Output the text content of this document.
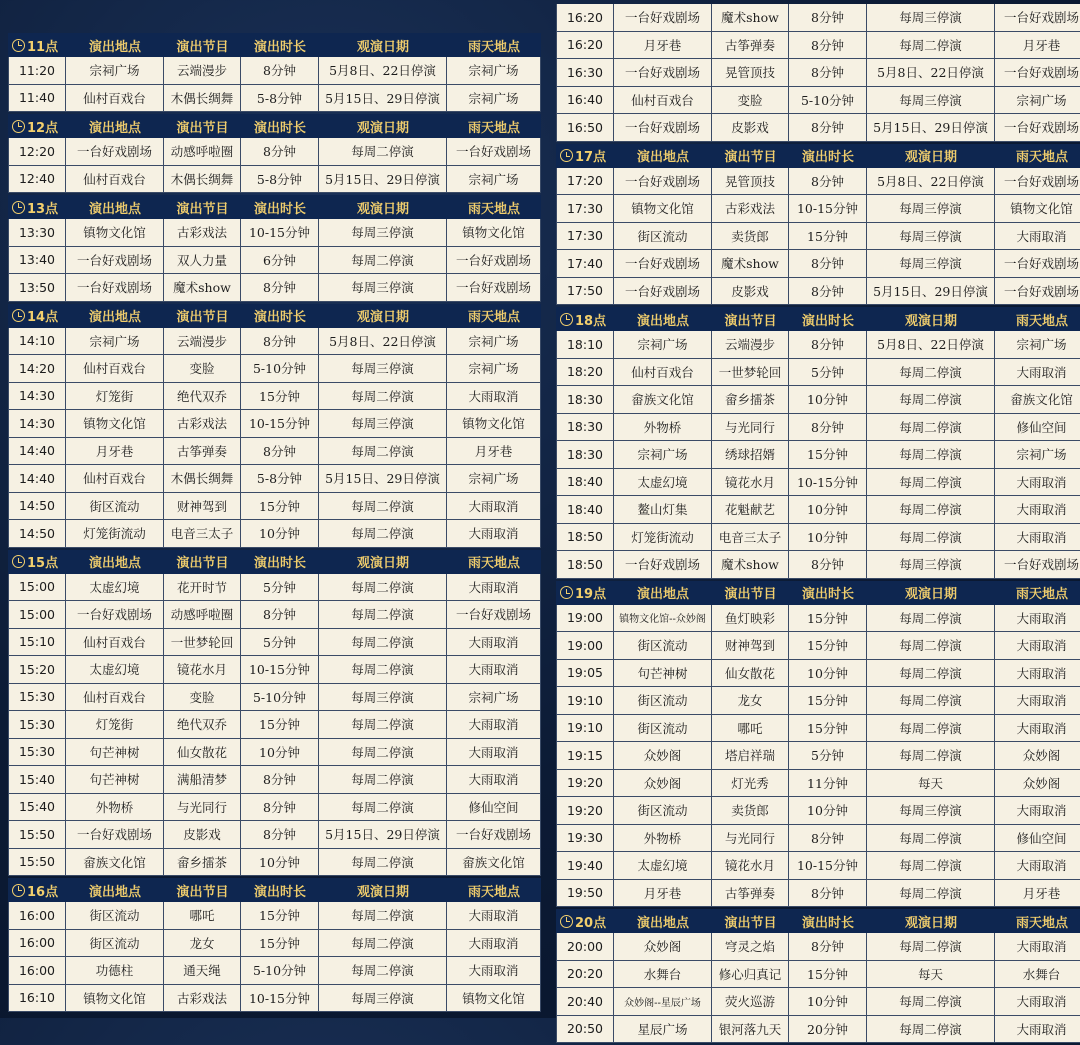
11点	演出地点	演出节目	演出时长	观演日期	雨天地点
11:20	宗祠广场	云端漫步	8分钟	5月8日、22日停演	宗祠广场
11:40	仙村百戏台	木偶长绸舞	5-8分钟	5月15日、29日停演	宗祠广场
12点	演出地点	演出节目	演出时长	观演日期	雨天地点
12:20	一台好戏剧场	动感呼啦圈	8分钟	每周二停演	一台好戏剧场
12:40	仙村百戏台	木偶长绸舞	5-8分钟	5月15日、29日停演	宗祠广场
13点	演出地点	演出节目	演出时长	观演日期	雨天地点
13:30	镇物文化馆	古彩戏法	10-15分钟	每周三停演	镇物文化馆
13:40	一台好戏剧场	双人力量	6分钟	每周二停演	一台好戏剧场
13:50	一台好戏剧场	魔术show	8分钟	每周三停演	一台好戏剧场
14点	演出地点	演出节目	演出时长	观演日期	雨天地点
14:10	宗祠广场	云端漫步	8分钟	5月8日、22日停演	宗祠广场
14:20	仙村百戏台	变脸	5-10分钟	每周三停演	宗祠广场
14:30	灯笼街	绝代双乔	15分钟	每周二停演	大雨取消
14:30	镇物文化馆	古彩戏法	10-15分钟	每周三停演	镇物文化馆
14:40	月牙巷	古筝弹奏	8分钟	每周二停演	月牙巷
14:40	仙村百戏台	木偶长绸舞	5-8分钟	5月15日、29日停演	宗祠广场
14:50	街区流动	财神驾到	15分钟	每周二停演	大雨取消
14:50	灯笼街流动	电音三太子	10分钟	每周二停演	大雨取消
15点	演出地点	演出节目	演出时长	观演日期	雨天地点
15:00	太虚幻境	花开时节	5分钟	每周二停演	大雨取消
15:00	一台好戏剧场	动感呼啦圈	8分钟	每周二停演	一台好戏剧场
15:10	仙村百戏台	一世梦轮回	5分钟	每周二停演	大雨取消
15:20	太虚幻境	镜花水月	10-15分钟	每周二停演	大雨取消
15:30	仙村百戏台	变脸	5-10分钟	每周三停演	宗祠广场
15:30	灯笼街	绝代双乔	15分钟	每周二停演	大雨取消
15:30	句芒神树	仙女散花	10分钟	每周二停演	大雨取消
15:40	句芒神树	满船清梦	8分钟	每周二停演	大雨取消
15:40	外物桥	与光同行	8分钟	每周二停演	修仙空间
15:50	一台好戏剧场	皮影戏	8分钟	5月15日、29日停演	一台好戏剧场
15:50	畲族文化馆	畲乡擂茶	10分钟	每周二停演	畲族文化馆
16点	演出地点	演出节目	演出时长	观演日期	雨天地点
16:00	街区流动	哪吒	15分钟	每周二停演	大雨取消
16:00	街区流动	龙女	15分钟	每周二停演	大雨取消
16:00	功德柱	通天绳	5-10分钟	每周二停演	大雨取消
16:10	镇物文化馆	古彩戏法	10-15分钟	每周三停演	镇物文化馆
16:20	一台好戏剧场	魔术show	8分钟	每周三停演	一台好戏剧场
16:20	月牙巷	古筝弹奏	8分钟	每周二停演	月牙巷
16:30	一台好戏剧场	晃管顶技	8分钟	5月8日、22日停演	一台好戏剧场
16:40	仙村百戏台	变脸	5-10分钟	每周三停演	宗祠广场
16:50	一台好戏剧场	皮影戏	8分钟	5月15日、29日停演	一台好戏剧场
17点	演出地点	演出节目	演出时长	观演日期	雨天地点
17:20	一台好戏剧场	晃管顶技	8分钟	5月8日、22日停演	一台好戏剧场
17:30	镇物文化馆	古彩戏法	10-15分钟	每周三停演	镇物文化馆
17:30	街区流动	卖货郎	15分钟	每周三停演	大雨取消
17:40	一台好戏剧场	魔术show	8分钟	每周三停演	一台好戏剧场
17:50	一台好戏剧场	皮影戏	8分钟	5月15日、29日停演	一台好戏剧场
18点	演出地点	演出节目	演出时长	观演日期	雨天地点
18:10	宗祠广场	云端漫步	8分钟	5月8日、22日停演	宗祠广场
18:20	仙村百戏台	一世梦轮回	5分钟	每周二停演	大雨取消
18:30	畲族文化馆	畲乡擂茶	10分钟	每周二停演	畲族文化馆
18:30	外物桥	与光同行	8分钟	每周二停演	修仙空间
18:30	宗祠广场	绣球招婿	15分钟	每周二停演	宗祠广场
18:40	太虚幻境	镜花水月	10-15分钟	每周二停演	大雨取消
18:40	鳌山灯集	花魁献艺	10分钟	每周二停演	大雨取消
18:50	灯笼街流动	电音三太子	10分钟	每周二停演	大雨取消
18:50	一台好戏剧场	魔术show	8分钟	每周三停演	一台好戏剧场
19点	演出地点	演出节目	演出时长	观演日期	雨天地点
19:00	镇物文化馆--众妙阁	鱼灯映彩	15分钟	每周二停演	大雨取消
19:00	街区流动	财神驾到	15分钟	每周二停演	大雨取消
19:05	句芒神树	仙女散花	10分钟	每周二停演	大雨取消
19:10	街区流动	龙女	15分钟	每周二停演	大雨取消
19:10	街区流动	哪吒	15分钟	每周二停演	大雨取消
19:15	众妙阁	塔启祥瑞	5分钟	每周二停演	众妙阁
19:20	众妙阁	灯光秀	11分钟	每天	众妙阁
19:20	街区流动	卖货郎	10分钟	每周三停演	大雨取消
19:30	外物桥	与光同行	8分钟	每周二停演	修仙空间
19:40	太虚幻境	镜花水月	10-15分钟	每周二停演	大雨取消
19:50	月牙巷	古筝弹奏	8分钟	每周二停演	月牙巷
20点	演出地点	演出节目	演出时长	观演日期	雨天地点
20:00	众妙阁	穹灵之焰	8分钟	每周二停演	大雨取消
20:20	水舞台	修心归真记	15分钟	每天	水舞台
20:40	众妙阁--星辰广场	荧火巡游	10分钟	每周二停演	大雨取消
20:50	星辰广场	银河落九天	20分钟	每周二停演	大雨取消
